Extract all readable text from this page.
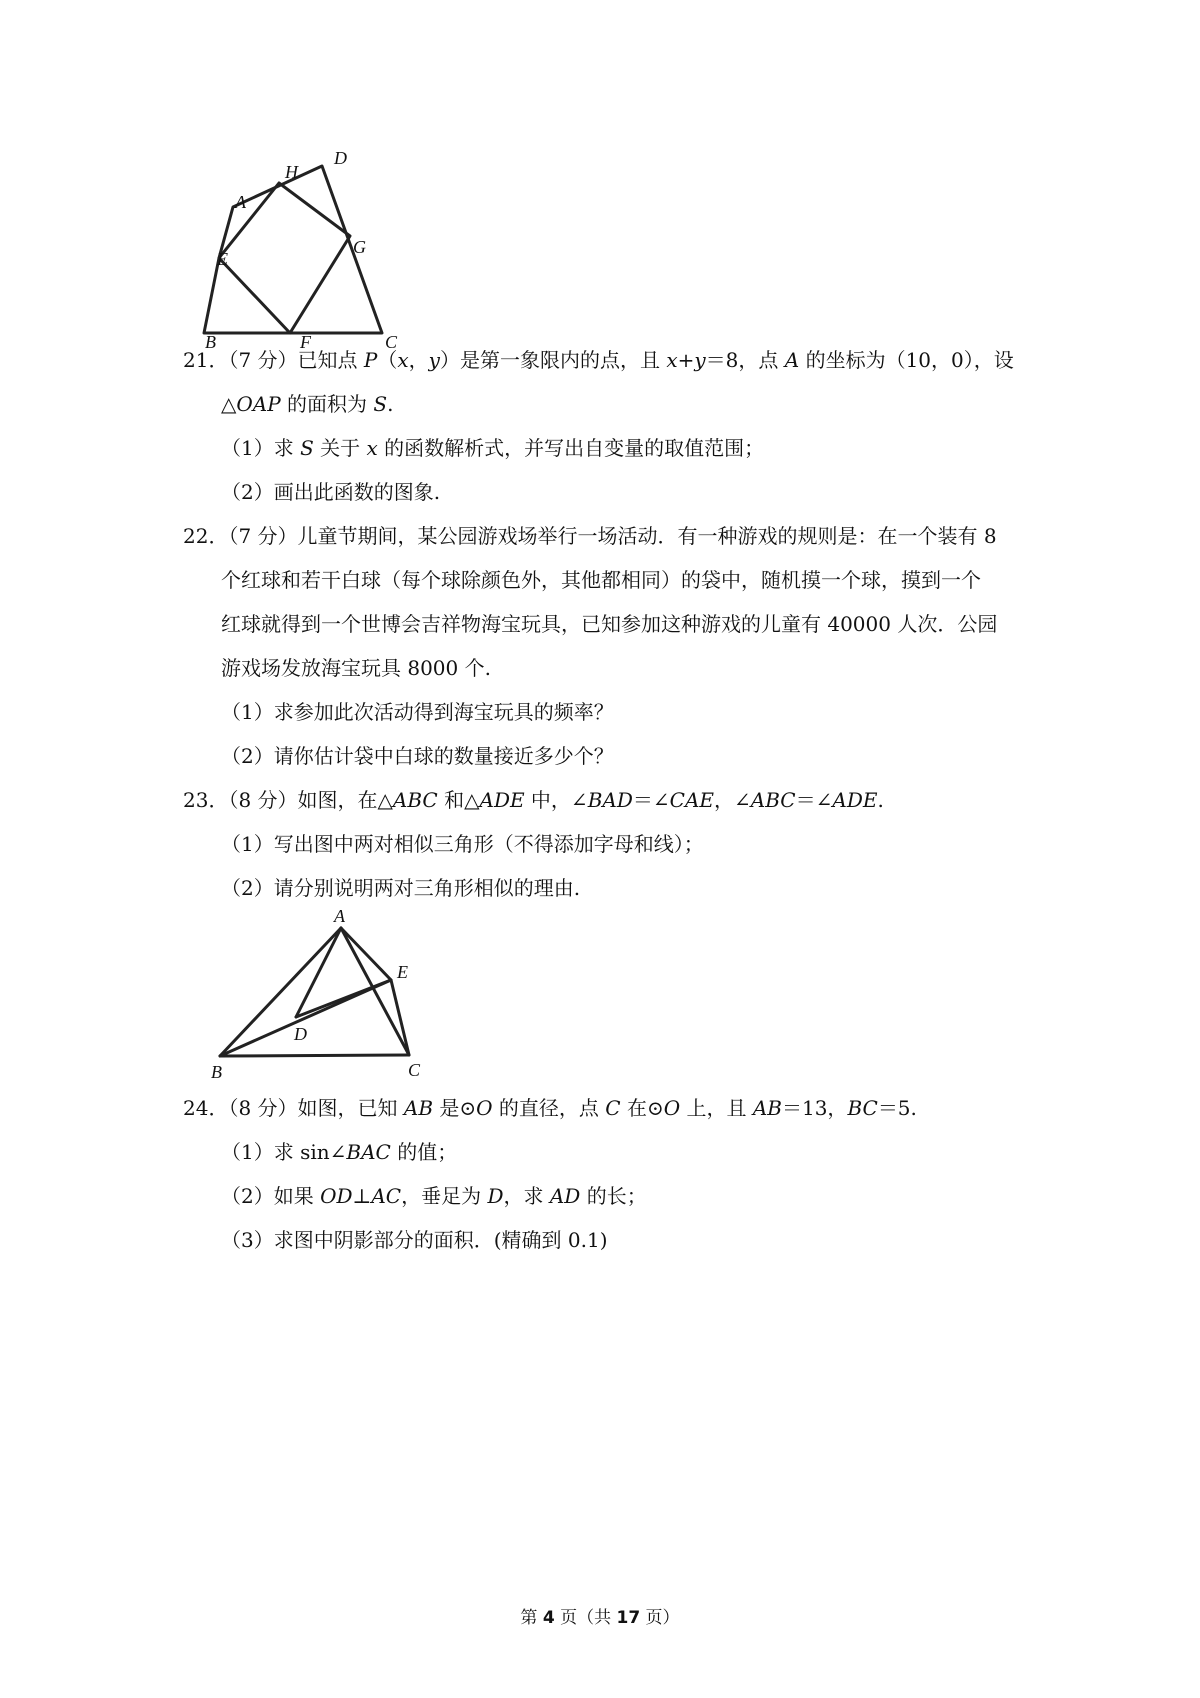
D
H
A
G
E
B	F	C
21．（7 分）已知点 P（x，y）是第一象限内的点，且 x+y＝8，点 A 的坐标为（10，0），设
△OAP 的面积为 S.
（1）求 S 关于 x 的函数解析式，并写出自变量的取值范围；
（2）画出此函数的图象.
22．（7 分）儿童节期间，某公园游戏场举行一场活动．有一种游戏的规则是：在一个装有 8
个红球和若干白球（每个球除颜色外，其他都相同）的袋中，随机摸一个球，摸到一个
红球就得到一个世博会吉祥物海宝玩具，已知参加这种游戏的儿童有 40000 人次．公园
游戏场发放海宝玩具 8000 个.
（1）求参加此次活动得到海宝玩具的频率？
（2）请你估计袋中白球的数量接近多少个？
23．（8 分）如图，在△ABC 和△ADE 中，∠BAD＝∠CAE，∠ABC＝∠ADE.
（1）写出图中两对相似三角形（不得添加字母和线）；
（2）请分别说明两对三角形相似的理由.
A
E
D
B	C
24．（8 分）如图，已知 AB 是⊙O 的直径，点 C 在⊙O 上，且 AB＝13，BC＝5.
（1）求 sin∠BAC 的值；
（2）如果 OD⊥AC，垂足为 D，求 AD 的长；
（3）求图中阴影部分的面积．(精确到 0.1)
第 4 页（共 17 页）
